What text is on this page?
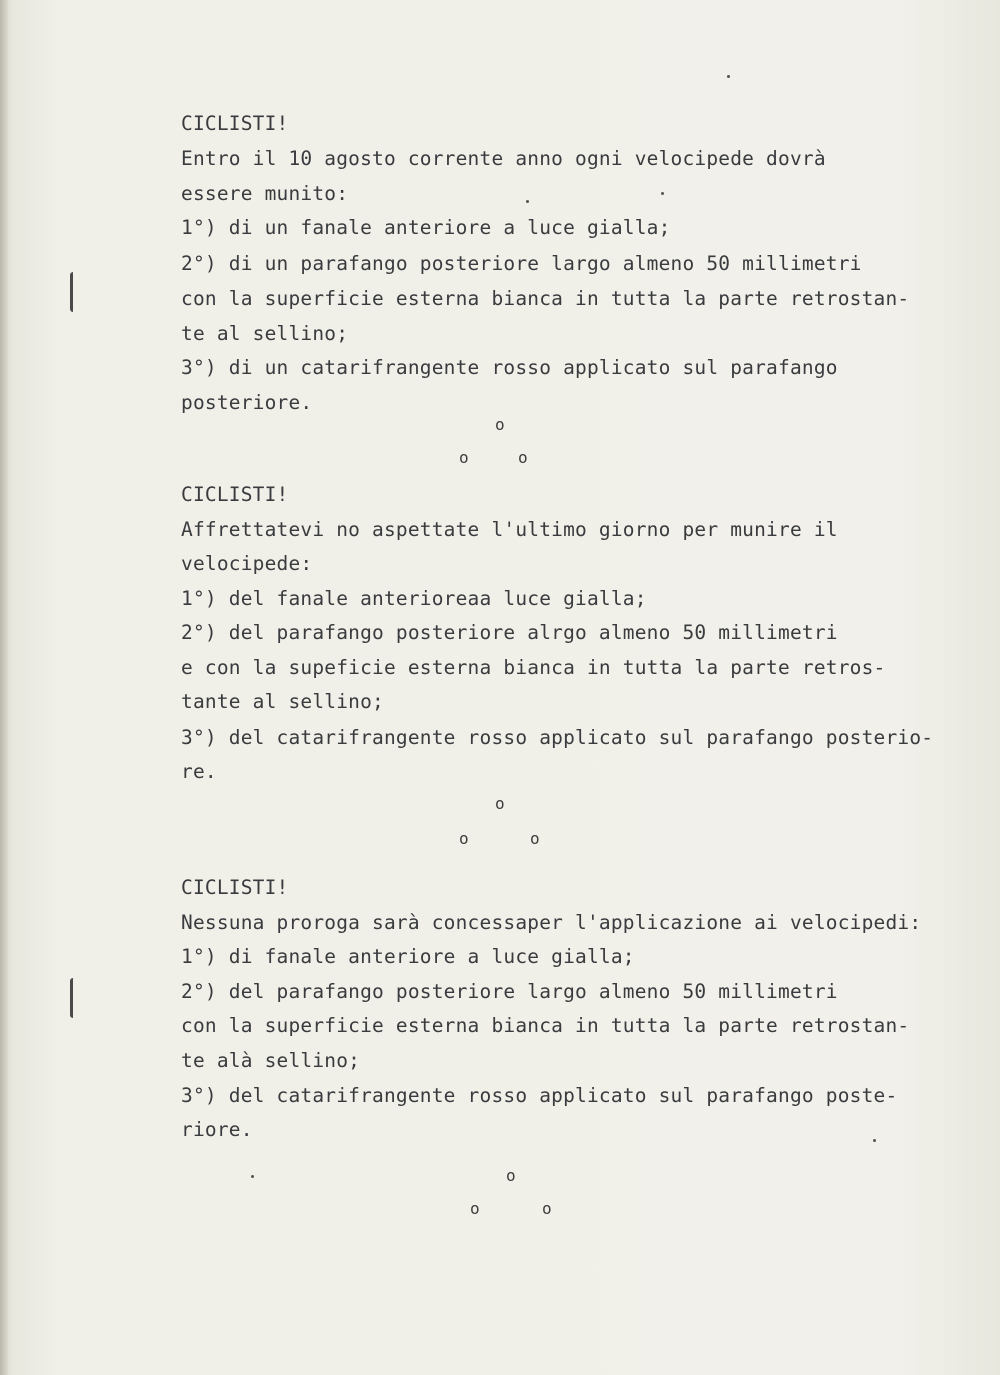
CICLISTI!
Entro il 10 agosto corrente anno ogni velocipede dovrà
essere munito:
1°) di un fanale anteriore a luce gialla;
2°) di un parafango posteriore largo almeno 50 millimetri
con la superficie esterna bianca in tutta la parte retrostan-
te al sellino;
3°) di un catarifrangente rosso applicato sul parafango
posteriore.
o
o	o
CICLISTI!
Affrettatevi no aspettate l'ultimo giorno per munire il
velocipede:
1°) del fanale anterioreaa luce gialla;
2°) del parafango posteriore alrgo almeno 50 millimetri
e con la supeficie esterna bianca in tutta la parte retros-
tante al sellino;
3°) del catarifrangente rosso applicato sul parafango posterio-
re.
o
o	o
CICLISTI!
Nessuna proroga sarà concessaper l'applicazione ai velocipedi:
1°) di fanale anteriore a luce gialla;
2°) del parafango posteriore largo almeno 50 millimetri
con la superficie esterna bianca in tutta la parte retrostan-
te alà sellino;
3°) del catarifrangente rosso applicato sul parafango poste-
riore.
o
o	o
